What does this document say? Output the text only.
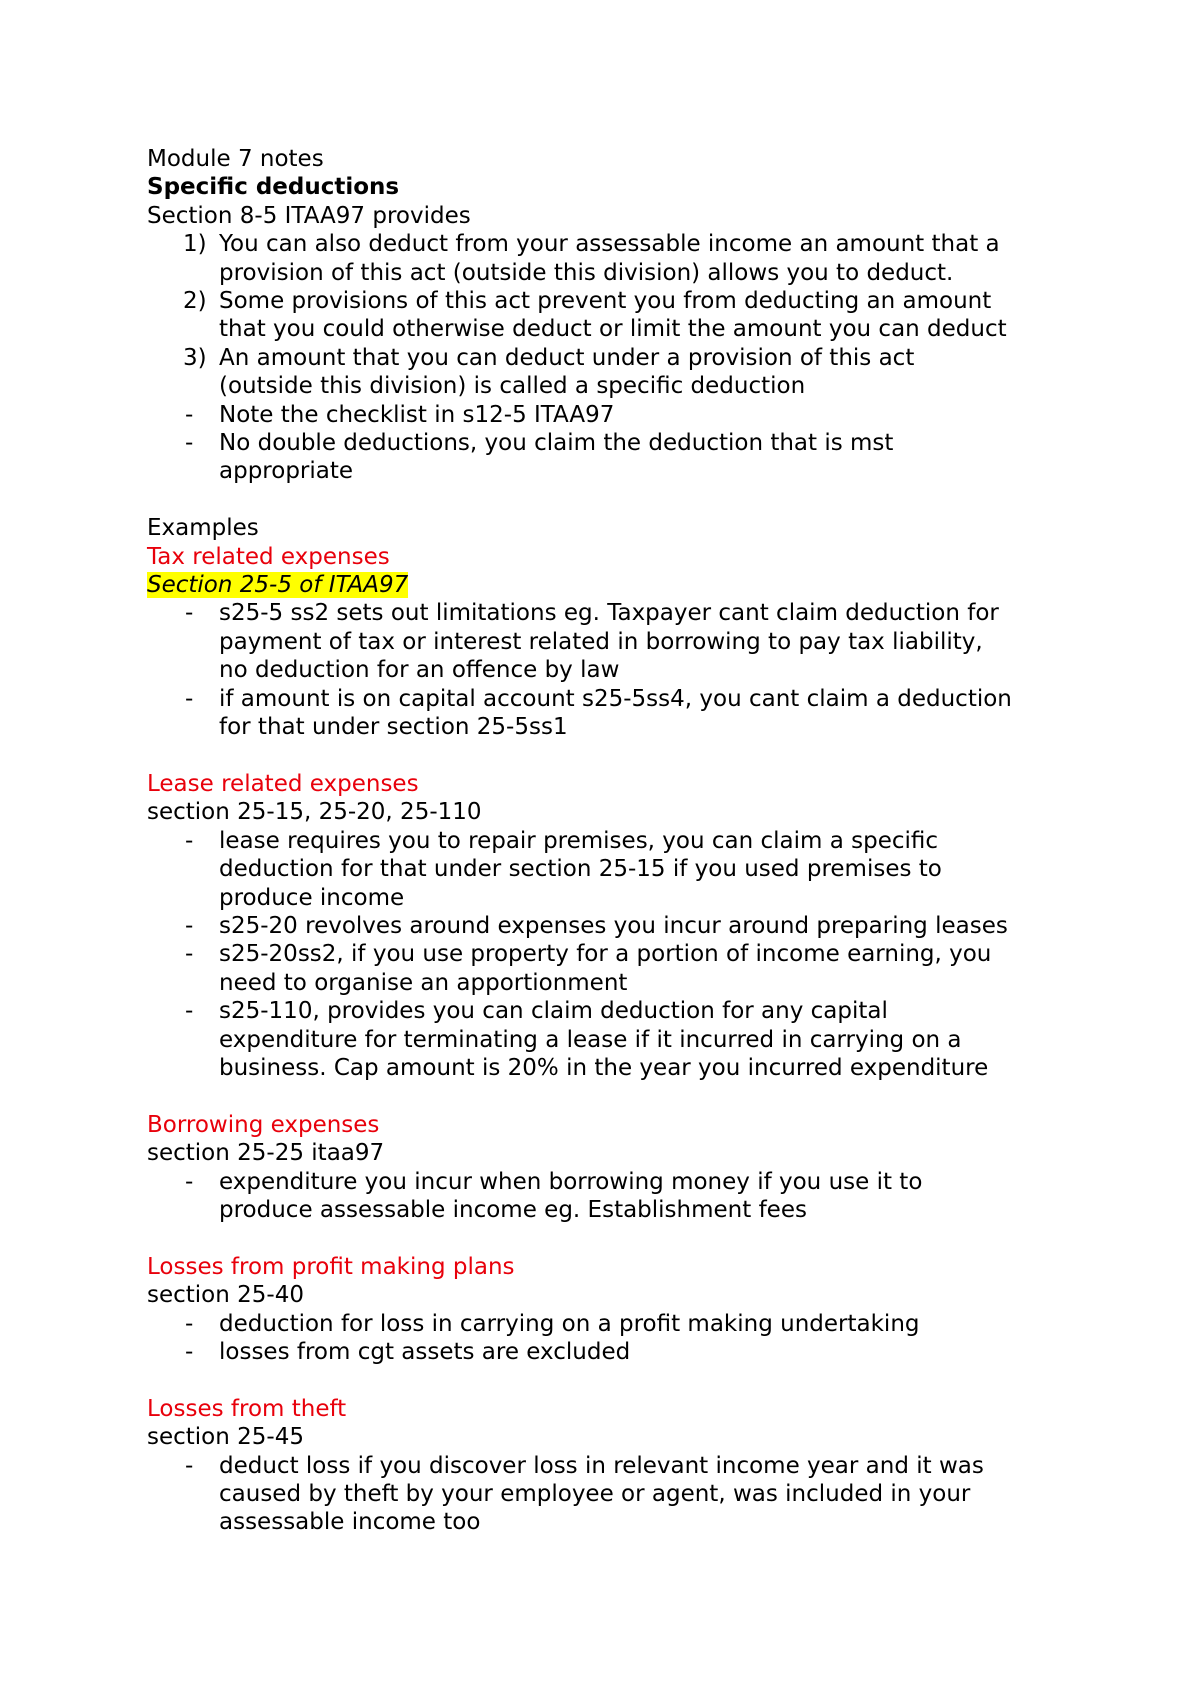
Module 7 notes

Specific deductions

Section 8-5 ITAA97 provides

1) You can also deduct from your assessable income an amount that a
provision of this act (outside this division) allows you to deduct.
2) Some provisions of this act prevent you from deducting an amount
that you could otherwise deduct or limit the amount you can deduct
3) An amount that you can deduct under a provision of this act
(outside this division) is called a specific deduction
- Note the checklist in s12-5 ITAA97
- No double deductions, you claim the deduction that is mst
appropriate

Examples

Tax related expenses

Section 25-5 of ITAA97

- s25-5 ss2 sets out limitations eg. Taxpayer cant claim deduction for
payment of tax or interest related in borrowing to pay tax liability,
no deduction for an offence by law
- if amount is on capital account s25-5ss4, you cant claim a deduction
for that under section 25-5ss1

Lease related expenses

section 25-15, 25-20, 25-110

- lease requires you to repair premises, you can claim a specific
deduction for that under section 25-15 if you used premises to
produce income
- s25-20 revolves around expenses you incur around preparing leases
- s25-20ss2, if you use property for a portion of income earning, you
need to organise an apportionment
- s25-110, provides you can claim deduction for any capital
expenditure for terminating a lease if it incurred in carrying on a
business. Cap amount is 20% in the year you incurred expenditure

Borrowing expenses

section 25-25 itaa97

- expenditure you incur when borrowing money if you use it to
produce assessable income eg. Establishment fees

Losses from profit making plans

section 25-40

- deduction for loss in carrying on a profit making undertaking
- losses from cgt assets are excluded

Losses from theft

section 25-45

- deduct loss if you discover loss in relevant income year and it was
caused by theft by your employee or agent, was included in your
assessable income too
